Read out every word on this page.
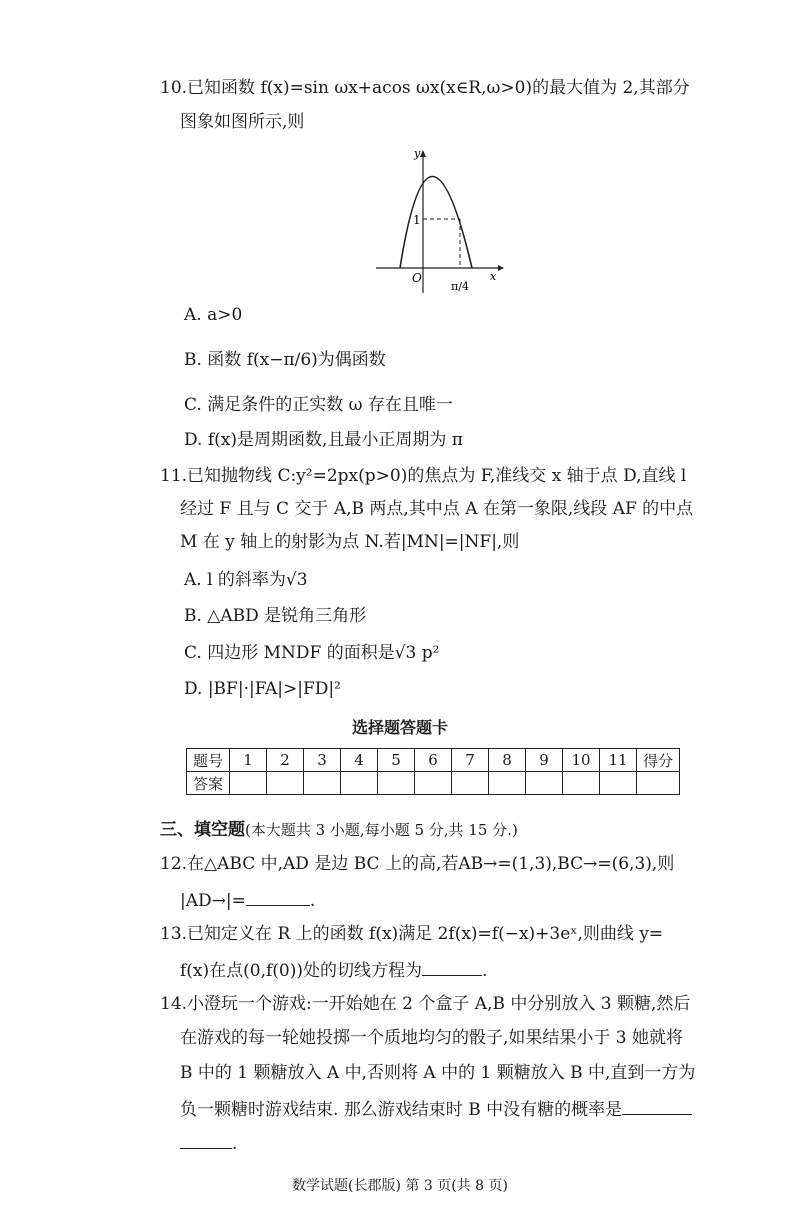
10.已知函数 f(x)=sin ωx+acos ωx(x∈R,ω>0)的最大值为 2,其部分
图象如图所示,则
y
x
O
1
π/4
A. a>0
B. 函数 f(x−π/6)为偶函数
C. 满足条件的正实数 ω 存在且唯一
D. f(x)是周期函数,且最小正周期为 π
11.已知抛物线 C:y²=2px(p>0)的焦点为 F,准线交 x 轴于点 D,直线 l
经过 F 且与 C 交于 A,B 两点,其中点 A 在第一象限,线段 AF 的中点
M 在 y 轴上的射影为点 N.若|MN|=|NF|,则
A. l 的斜率为√3
B. △ABD 是锐角三角形
C. 四边形 MNDF 的面积是√3 p²
D. |BF|·|FA|>|FD|²
选择题答题卡
题号	1	2	3	4	5	6	7	8	9	10	11	得分
答案												
三、填空题(本大题共 3 小题,每小题 5 分,共 15 分.)
12.在△ABC 中,AD 是边 BC 上的高,若AB→=(1,3),BC→=(6,3),则
|AD→|=	.
13.已知定义在 R 上的函数 f(x)满足 2f(x)=f(−x)+3eˣ,则曲线 y=
f(x)在点(0,f(0))处的切线方程为	.
14.小澄玩一个游戏:一开始她在 2 个盒子 A,B 中分别放入 3 颗糖,然后
在游戏的每一轮她投掷一个质地均匀的骰子,如果结果小于 3 她就将
B 中的 1 颗糖放入 A 中,否则将 A 中的 1 颗糖放入 B 中,直到一方为
负一颗糖时游戏结束. 那么游戏结束时 B 中没有糖的概率是
.
数学试题(长郡版) 第 3 页(共 8 页)
